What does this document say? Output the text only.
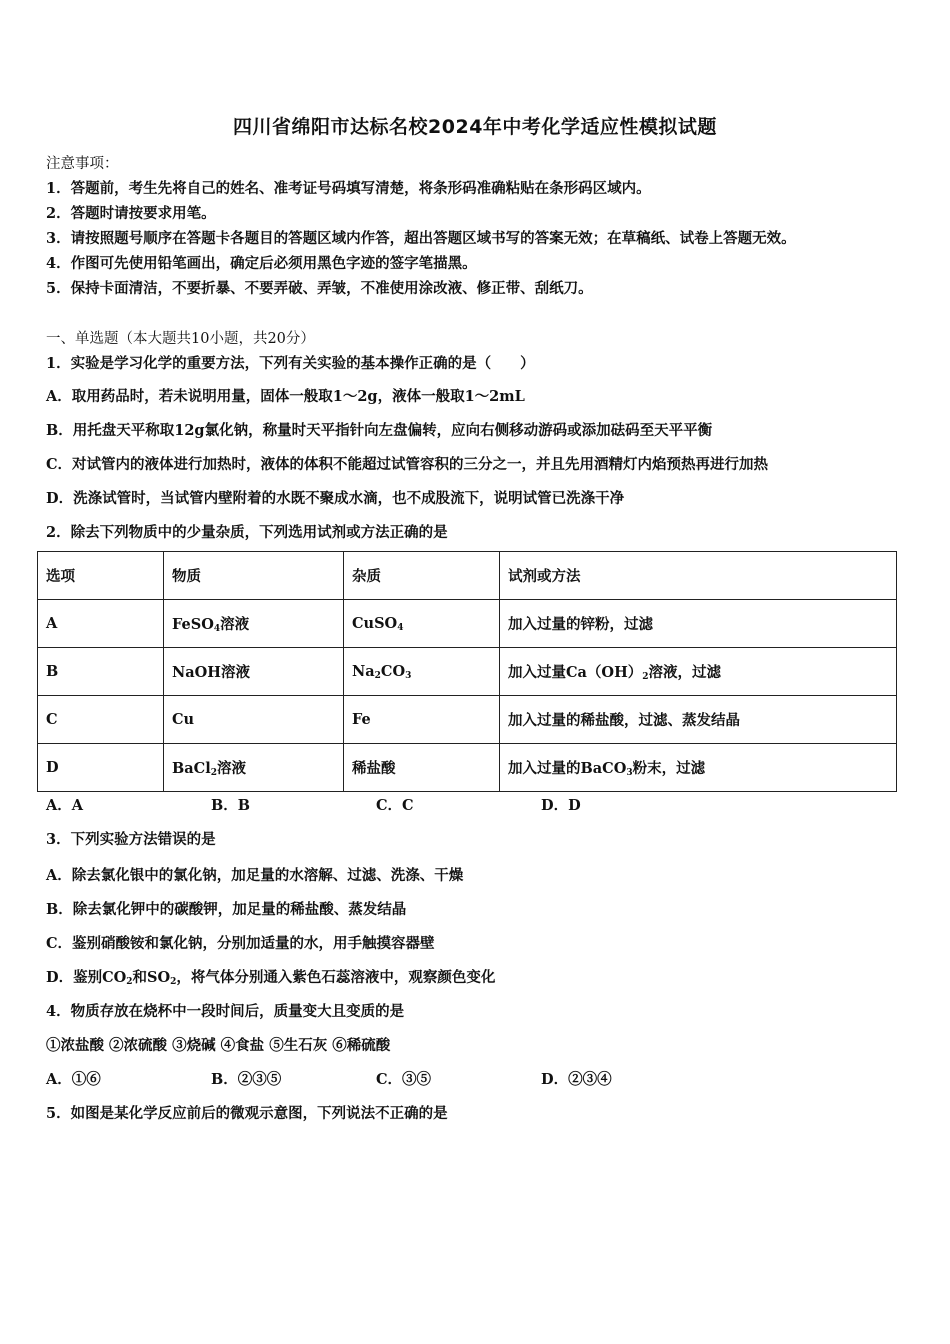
四川省绵阳市达标名校2024年中考化学适应性模拟试题
注意事项：
1．答题前，考生先将自己的姓名、准考证号码填写清楚，将条形码准确粘贴在条形码区域内。
2．答题时请按要求用笔。
3．请按照题号顺序在答题卡各题目的答题区域内作答，超出答题区域书写的答案无效；在草稿纸、试卷上答题无效。
4．作图可先使用铅笔画出，确定后必须用黑色字迹的签字笔描黑。
5．保持卡面清洁，不要折暴、不要弄破、弄皱，不准使用涂改液、修正带、刮纸刀。
一、单选题（本大题共10小题，共20分）
1．实验是学习化学的重要方法，下列有关实验的基本操作正确的是（　　）
A．取用药品时，若未说明用量，固体一般取1～2g，液体一般取1～2mL
B．用托盘天平称取12g氯化钠，称量时天平指针向左盘偏转，应向右侧移动游码或添加砝码至天平平衡
C．对试管内的液体进行加热时，液体的体积不能超过试管容积的三分之一，并且先用酒精灯内焰预热再进行加热
D．洗涤试管时，当试管内壁附着的水既不聚成水滴，也不成股流下，说明试管已洗涤干净
2．除去下列物质中的少量杂质，下列选用试剂或方法正确的是
选项	物质	杂质	试剂或方法
A	FeSO$_4$溶液	CuSO$_4$	加入过量的锌粉，过滤
B	NaOH溶液	$Na_2CO_3$	加入过量$Ca(OH)_2$溶液，过滤
C	Cu	Fe	加入过量的稀盐酸，过滤、蒸发结晶
D	BaCl$_2$溶液	稀盐酸	加入过量的BaCO$_3$粉末，过滤
A．A	B．B	C．C	D．D
3．下列实验方法错误的是
A．除去氯化银中的氯化钠，加足量的水溶解、过滤、洗涤、干燥
B．除去氯化钾中的碳酸钾，加足量的稀盐酸、蒸发结晶
C．鉴别硝酸铵和氯化钠，分别加适量的水，用手触摸容器壁
D．鉴别$CO_2$和$SO_2$，将气体分别通入紫色石蕊溶液中，观察颜色变化
4．物质存放在烧杯中一段时间后，质量变大且变质的是
①浓盐酸 ②浓硫酸 ③烧碱 ④食盐 ⑤生石灰 ⑥稀硫酸
A．①⑥	B．②③⑤	C．③⑤	D．②③④
5．如图是某化学反应前后的微观示意图，下列说法不正确的是
